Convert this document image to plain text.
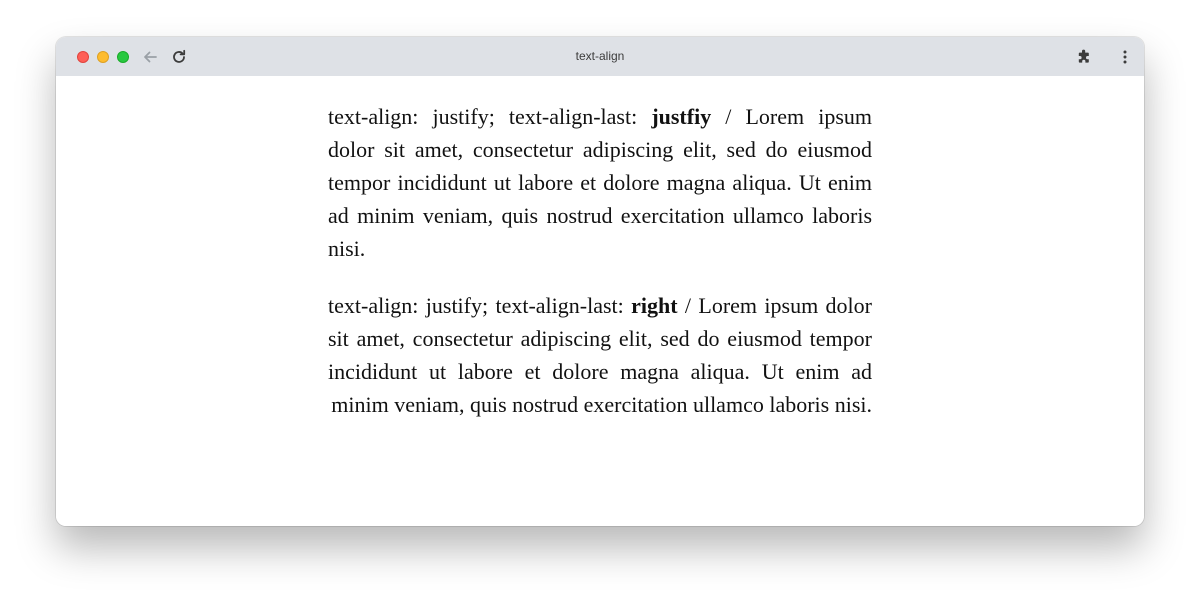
text-align

text-align: justify; text-align-last: justfiy / Lorem ipsum dolor sit amet, consectetur adipiscing elit, sed do eiusmod tempor incididunt ut labore et dolore magna aliqua. Ut enim ad minim veniam, quis nostrud exercitation ullamco laboris nisi.

text-align: justify; text-align-last: right / Lorem ipsum dolor sit amet, consectetur adipiscing elit, sed do eiusmod tempor incididunt ut labore et dolore magna aliqua. Ut enim ad minim veniam, quis nostrud exercitation ullamco laboris nisi.
